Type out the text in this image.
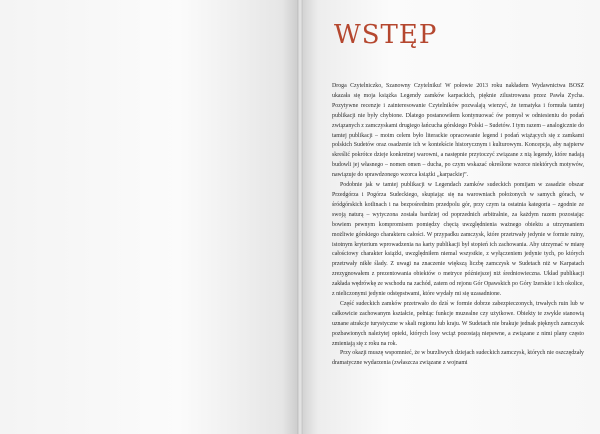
WSTĘP

Droga Czytelniczko, Szanowny Czytelniku! W połowie 2013 roku nakładem Wydawnictwa BOSZ ukazała się moja książka Legendy zamków karpackich, pięknie zilustrowana przez Pawła Zycha. Pozytywne recenzje i zainteresowanie Czytelników pozwalają wierzyć, że tematyka i formuła tamtej publikacji nie były chybione. Dlatego postanowiłem kontynuować ów pomysł w odniesieniu do podań związanych z zamczyskami drugiego łańcucha górskiego Polski – Sudetów. I tym razem – analogicznie do tamtej publikacji – moim celem było literackie opracowanie legend i podań wiążących się z zamkami polskich Sudetów oraz osadzenie ich w kontekście historycznym i kulturowym. Koncepcja, aby najpierw skreślić pokrótce dzieje konkretnej warowni, a następnie przytoczyć związane z nią legendy, które nadają budowli jej własnego – nomen omen – ducha, po czym wskazać określone wzorce niektórych motywów, nawiązuje do sprawdzonego wzorca książki „karpackiej”.

Podobnie jak w tamtej publikacji w Legendach zamków sudeckich pomijam w zasadzie obszar Przedgórza i Pogórza Sudeckiego, skupiając się na warowniach położonych w samych górach, w śródgórskich kotlinach i na bezpośrednim przedpolu gór, przy czym ta ostatnia kategoria – zgodnie ze swoją naturą – wytyczona została bardziej od poprzednich arbitralnie, za każdym razem pozostając bowiem pewnym kompromisem pomiędzy chęcią uwzględnienia ważnego obiektu a utrzymaniem możliwie górskiego charakteru całości. W przypadku zamczysk, które przetrwały jedynie w formie ruiny, istotnym kryterium wprowadzenia na karty publikacji był stopień ich zachowania. Aby utrzymać w miarę całościowy charakter książki, uwzględniłem niemal wszystkie, z wyłączeniem jedynie tych, po których przetrwały nikłe ślady. Z uwagi na znaczenie większą liczbę zamczysk w Sudetach niż w Karpatach zrezygnowałem z prezentowania obiektów o metryce późniejszej niż średniowieczna. Układ publikacji zakłada wędrówkę ze wschodu na zachód, zatem od rejonu Gór Opawskich po Góry Izerskie i ich okolice, z nieliczonymi jedynie odstępstwami, które wydały mi się uzasadnione.

Część sudeckich zamków przetrwało do dziś w formie dobrze zabezpieczonych, trwałych ruin lub w całkowicie zachowanym kształcie, pełniąc funkcje muzealne czy użytkowe. Obiekty te zwykle stanowią uznane atrakcje turystyczne w skali regionu lub kraju. W Sudetach nie brakuje jednak pięknych zamczysk pozbawionych należytej opieki, których losy wciąż pozostają niepewne, a związane z nimi plany często zmieniają się z roku na rok.

Przy okazji muszę wspomnieć, że w burzliwych dziejach sudeckich zamczysk, których nie oszczędzały dramatyczne wydarzenia (zwłaszcza związane z wojnami
